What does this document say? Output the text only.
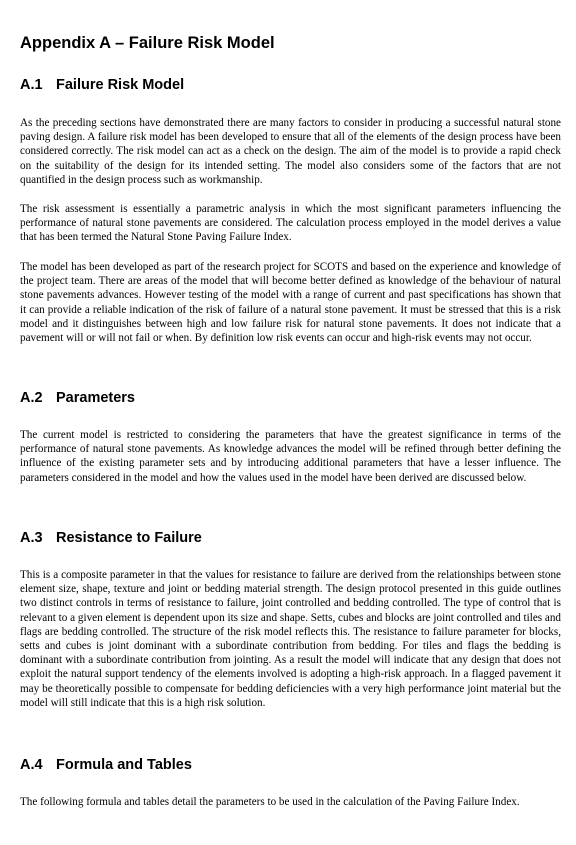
Appendix A – Failure Risk Model
A.1 Failure Risk Model

As the preceding sections have demonstrated there are many factors to consider in producing a successful natural stone paving design. A failure risk model has been developed to ensure that all of the elements of the design process have been considered correctly. The risk model can act as a check on the design. The aim of the model is to provide a rapid check on the suitability of the design for its intended setting. The model also considers some of the factors that are not quantified in the design process such as workmanship.

The risk assessment is essentially a parametric analysis in which the most significant parameters influencing the performance of natural stone pavements are considered. The calculation process employed in the model derives a value that has been termed the Natural Stone Paving Failure Index.

The model has been developed as part of the research project for SCOTS and based on the experience and knowledge of the project team. There are areas of the model that will become better defined as knowledge of the behaviour of natural stone pavements advances. However testing of the model with a range of current and past specifications has shown that it can provide a reliable indication of the risk of failure of a natural stone pavement. It must be stressed that this is a risk model and it distinguishes between high and low failure risk for natural stone pavements. It does not indicate that a pavement will or will not fail or when. By definition low risk events can occur and high-risk events may not occur.

A.2 Parameters

The current model is restricted to considering the parameters that have the greatest significance in terms of the performance of natural stone pavements. As knowledge advances the model will be refined through better defining the influence of the existing parameter sets and by introducing additional parameters that have a lesser influence. The parameters considered in the model and how the values used in the model have been derived are discussed below.

A.3 Resistance to Failure

This is a composite parameter in that the values for resistance to failure are derived from the relationships between stone element size, shape, texture and joint or bedding material strength. The design protocol presented in this guide outlines two distinct controls in terms of resistance to failure, joint controlled and bedding controlled. The type of control that is relevant to a given element is dependent upon its size and shape. Setts, cubes and blocks are joint controlled and tiles and flags are bedding controlled. The structure of the risk model reflects this. The resistance to failure parameter for blocks, setts and cubes is joint dominant with a subordinate contribution from bedding. For tiles and flags the bedding is dominant with a subordinate contribution from jointing. As a result the model will indicate that any design that does not exploit the natural support tendency of the elements involved is adopting a high-risk approach. In a flagged pavement it may be theoretically possible to compensate for bedding deficiencies with a very high performance joint material but the model will still indicate that this is a high risk solution.

A.4 Formula and Tables

The following formula and tables detail the parameters to be used in the calculation of the Paving Failure Index.
